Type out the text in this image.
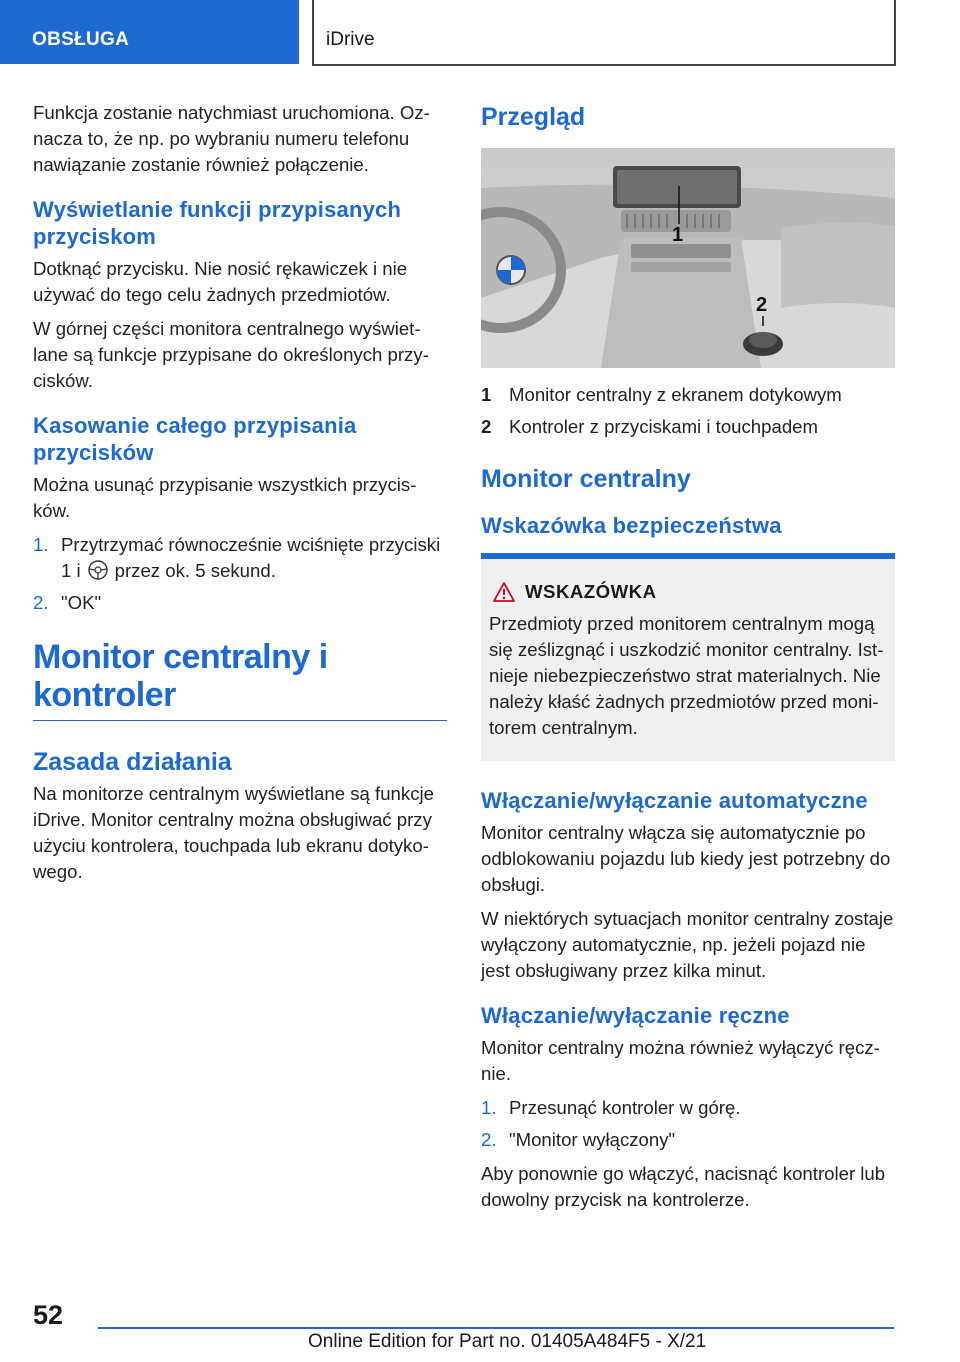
OBSŁUGA	iDrive

Funkcja zostanie natychmiast uruchomiona. Oznacza to, że np. po wybraniu numeru telefonu nawiązanie zostanie również połączenie.

Wyświetlanie funkcji przypisanych przyciskom

Dotknąć przycisku. Nie nosić rękawiczek i nie używać do tego celu żadnych przedmiotów.

W górnej części monitora centralnego wyświetlane są funkcje przypisane do określonych przycisków.

Kasowanie całego przypisania przycisków

Można usunąć przypisanie wszystkich przycisków.

1. Przytrzymać równocześnie wciśnięte przyciski 1 i przez ok. 5 sekund.
2. "OK"
Monitor centralny i kontroler
Zasada działania

Na monitorze centralnym wyświetlane są funkcje iDrive. Monitor centralny można obsługiwać przy użyciu kontrolera, touchpada lub ekranu dotykowego.

Przegląd
1
2
1 Monitor centralny z ekranem dotykowym
2 Kontroler z przyciskami i touchpadem
Monitor centralny
Wskazówka bezpieczeństwa
WSKAZÓWKA

Przedmioty przed monitorem centralnym mogą się ześlizgnąć i uszkodzić monitor centralny. Istnieje niebezpieczeństwo strat materialnych. Nie należy kłaść żadnych przedmiotów przed monitorem centralnym.

Włączanie/wyłączanie automatyczne

Monitor centralny włącza się automatycznie po odblokowaniu pojazdu lub kiedy jest potrzebny do obsługi.

W niektórych sytuacjach monitor centralny zostaje wyłączony automatycznie, np. jeżeli pojazd nie jest obsługiwany przez kilka minut.

Włączanie/wyłączanie ręczne

Monitor centralny można również wyłączyć ręcznie.

1. Przesunąć kontroler w górę.
2. "Monitor wyłączony"

Aby ponownie go włączyć, nacisnąć kontroler lub dowolny przycisk na kontrolerze.

52
Online Edition for Part no. 01405A484F5 - X/21
